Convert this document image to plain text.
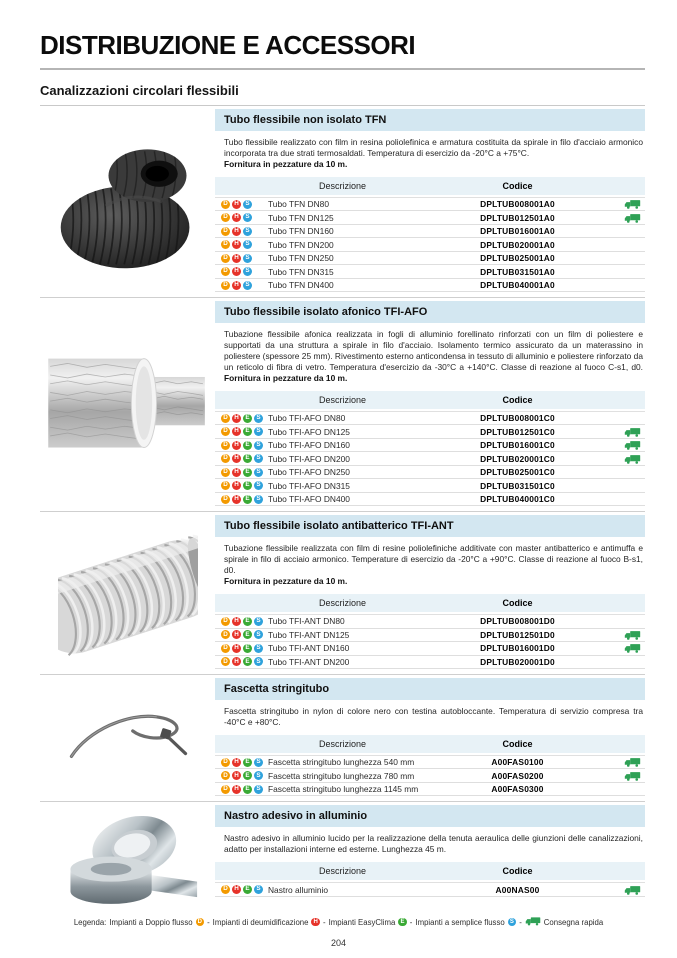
DISTRIBUZIONE E ACCESSORI
Canalizzazioni circolari flessibili
Tubo flessibile non isolato TFN

Tubo flessibile realizzato con film in resina poliolefinica e armatura costituita da spirale in filo d'acciaio armonico incorporata tra due strati termosaldati. Temperatura di esercizio da -20°C a +75°C.
Fornitura in pezzature da 10 m.

Descrizione	Codice
D	H	S	Tubo TFN DN80	DPLTUB008001A0
D	H	S	Tubo TFN DN125	DPLTUB012501A0
D	H	S	Tubo TFN DN160	DPLTUB016001A0
D	H	S	Tubo TFN DN200	DPLTUB020001A0
D	H	S	Tubo TFN DN250	DPLTUB025001A0
D	H	S	Tubo TFN DN315	DPLTUB031501A0
D	H	S	Tubo TFN DN400	DPLTUB040001A0
Tubo flessibile isolato afonico TFI-AFO

Tubazione flessibile afonica realizzata in fogli di alluminio forellinato rinforzati con un film di poliestere e supportati da una struttura a spirale in filo d'acciaio. Isolamento termico assicurato da un materassino in poliestere (spessore 25 mm). Rivestimento esterno anticondensa in tessuto di alluminio e poliestere rinforzato da un reticolo di fibra di vetro. Temperatura d'esercizio da -30°C a +140°C. Classe di reazione al fuoco C-s1, d0. Fornitura in pezzature da 10 m.

Descrizione	Codice
D	H	E	S Tubo TFI-AFO DN80	DPLTUB008001C0
D	H	E	S Tubo TFI-AFO DN125	DPLTUB012501C0
D	H	E	S Tubo TFI-AFO DN160	DPLTUB016001C0
D	H	E	S Tubo TFI-AFO DN200	DPLTUB020001C0
D	H	E	S Tubo TFI-AFO DN250	DPLTUB025001C0
D	H	E	S Tubo TFI-AFO DN315	DPLTUB031501C0
D	H	E	S Tubo TFI-AFO DN400	DPLTUB040001C0
Tubo flessibile isolato antibatterico TFI-ANT

Tubazione flessibile realizzata con film di resine poliolefiniche additivate con master antibatterico e antimuffa e spirale in filo di acciaio armonico. Temperature di esercizio da -20°C a +90°C. Classe di reazione al fuoco B-s1, d0.
Fornitura in pezzature da 10 m.

Descrizione	Codice
D	H	E	S Tubo TFI-ANT DN80	DPLTUB008001D0
D	H	E	S Tubo TFI-ANT DN125	DPLTUB012501D0
D	H	E	S Tubo TFI-ANT DN160	DPLTUB016001D0
D	H	E	S Tubo TFI-ANT DN200	DPLTUB020001D0
Fascetta stringitubo

Fascetta stringitubo in nylon di colore nero con testina autobloccante. Temperatura di servizio compresa tra -40°C e +80°C.

Descrizione	Codice
D	H	E	S Fascetta stringitubo lunghezza 540 mm	A00FAS0100
D	H	E	S Fascetta stringitubo lunghezza 780 mm	A00FAS0200
D	H	E	S Fascetta stringitubo lunghezza 1145 mm	A00FAS0300
Nastro adesivo in alluminio

Nastro adesivo in alluminio lucido per la realizzazione della tenuta aeraulica delle giunzioni delle canalizzazioni, adatto per installazioni interne ed esterne. Lunghezza 45 m.

Descrizione	Codice
D	H	E	S Nastro alluminio	A00NAS00
Legenda: Impianti a Doppio flusso D - Impianti di deumidificazione H - Impianti EasyClima E - Impianti a semplice flusso S -	Consegna rapida
204
